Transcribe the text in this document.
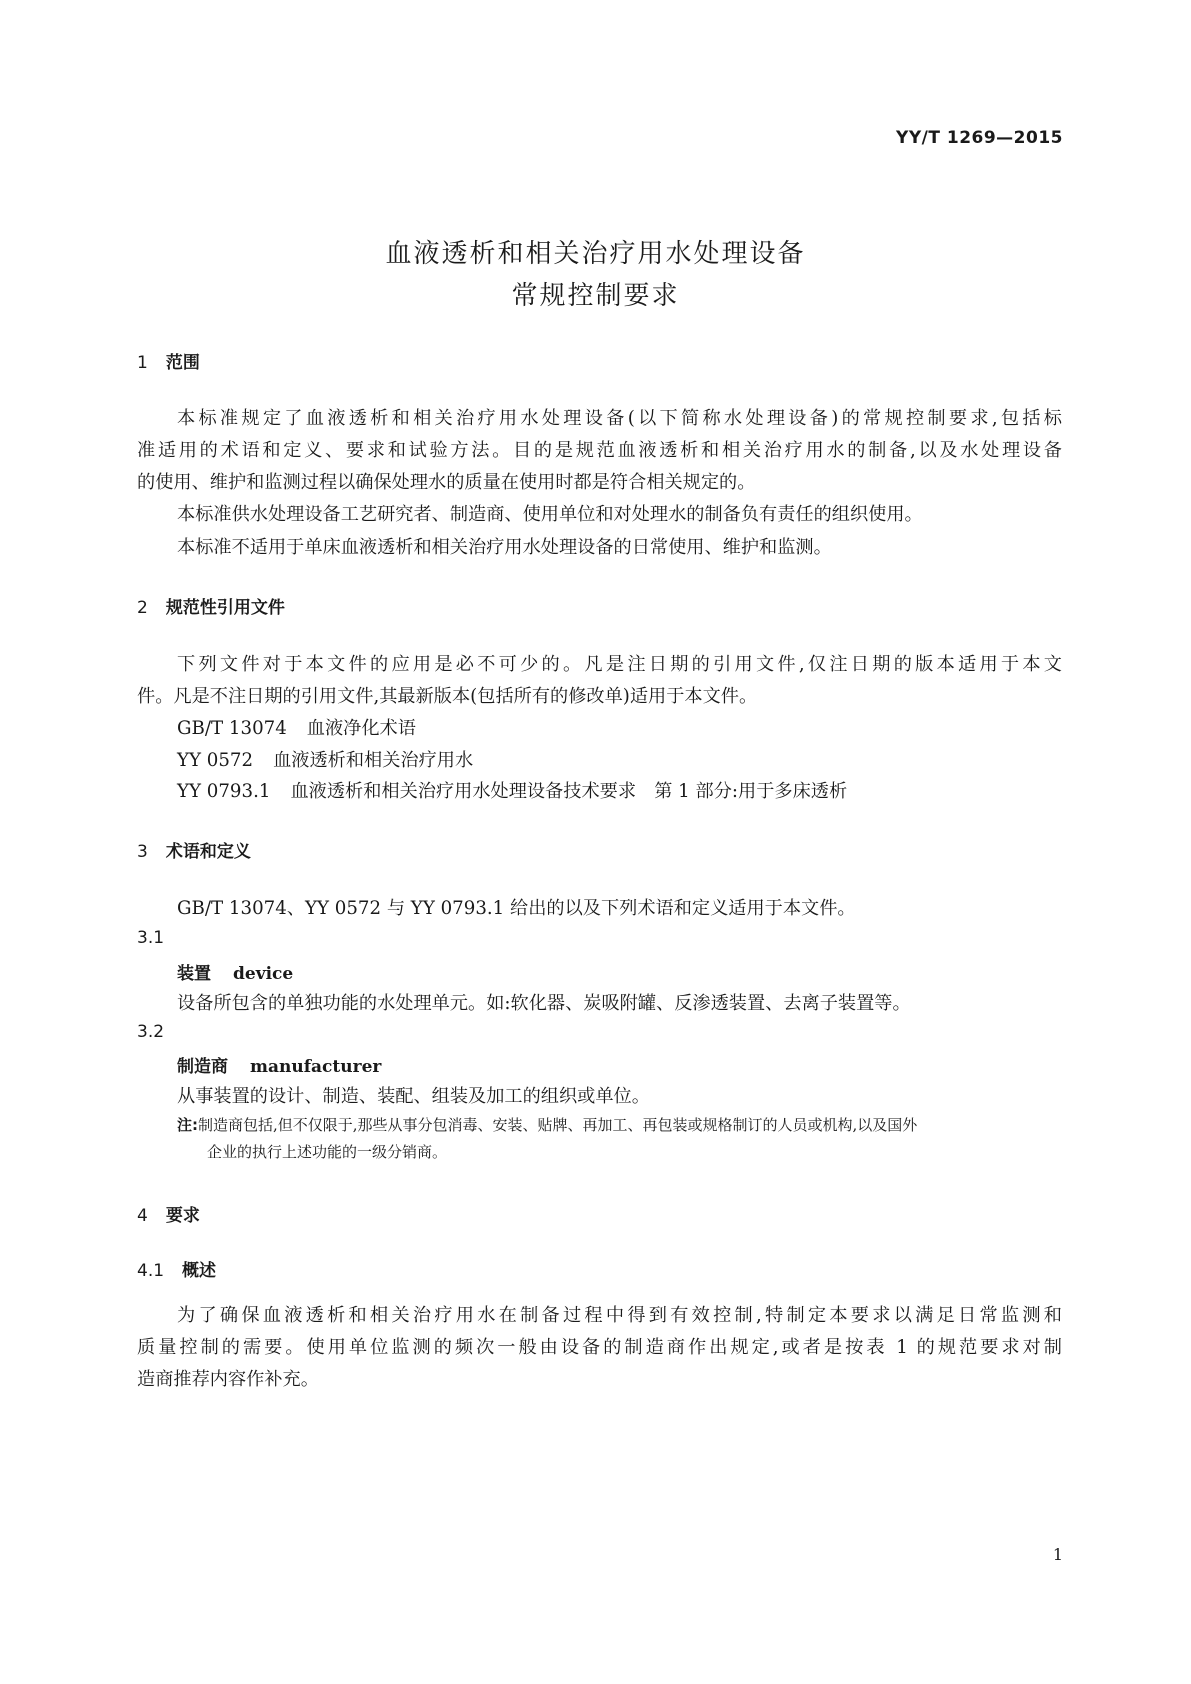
YY/T 1269—2015
血液透析和相关治疗用水处理设备
常规控制要求
1 范围
本标准规定了血液透析和相关治疗用水处理设备(以下简称水处理设备)的常规控制要求,包括标
准适用的术语和定义、要求和试验方法。目的是规范血液透析和相关治疗用水的制备,以及水处理设备
的使用、维护和监测过程以确保处理水的质量在使用时都是符合相关规定的。
本标准供水处理设备工艺研究者、制造商、使用单位和对处理水的制备负有责任的组织使用。
本标准不适用于单床血液透析和相关治疗用水处理设备的日常使用、维护和监测。
2 规范性引用文件
下列文件对于本文件的应用是必不可少的。凡是注日期的引用文件,仅注日期的版本适用于本文
件。凡是不注日期的引用文件,其最新版本(包括所有的修改单)适用于本文件。
GB/T 13074 血液净化术语
YY 0572 血液透析和相关治疗用水
YY 0793.1 血液透析和相关治疗用水处理设备技术要求　第 1 部分:用于多床透析
3 术语和定义
GB/T 13074、YY 0572 与 YY 0793.1 给出的以及下列术语和定义适用于本文件。
3.1
装置 device
设备所包含的单独功能的水处理单元。如:软化器、炭吸附罐、反渗透装置、去离子装置等。
3.2
制造商 manufacturer
从事装置的设计、制造、装配、组装及加工的组织或单位。
注:制造商包括,但不仅限于,那些从事分包消毒、安装、贴牌、再加工、再包装或规格制订的人员或机构,以及国外
企业的执行上述功能的一级分销商。
4 要求
4.1 概述
为了确保血液透析和相关治疗用水在制备过程中得到有效控制,特制定本要求以满足日常监测和
质量控制的需要。使用单位监测的频次一般由设备的制造商作出规定,或者是按表 1 的规范要求对制
造商推荐内容作补充。
1
